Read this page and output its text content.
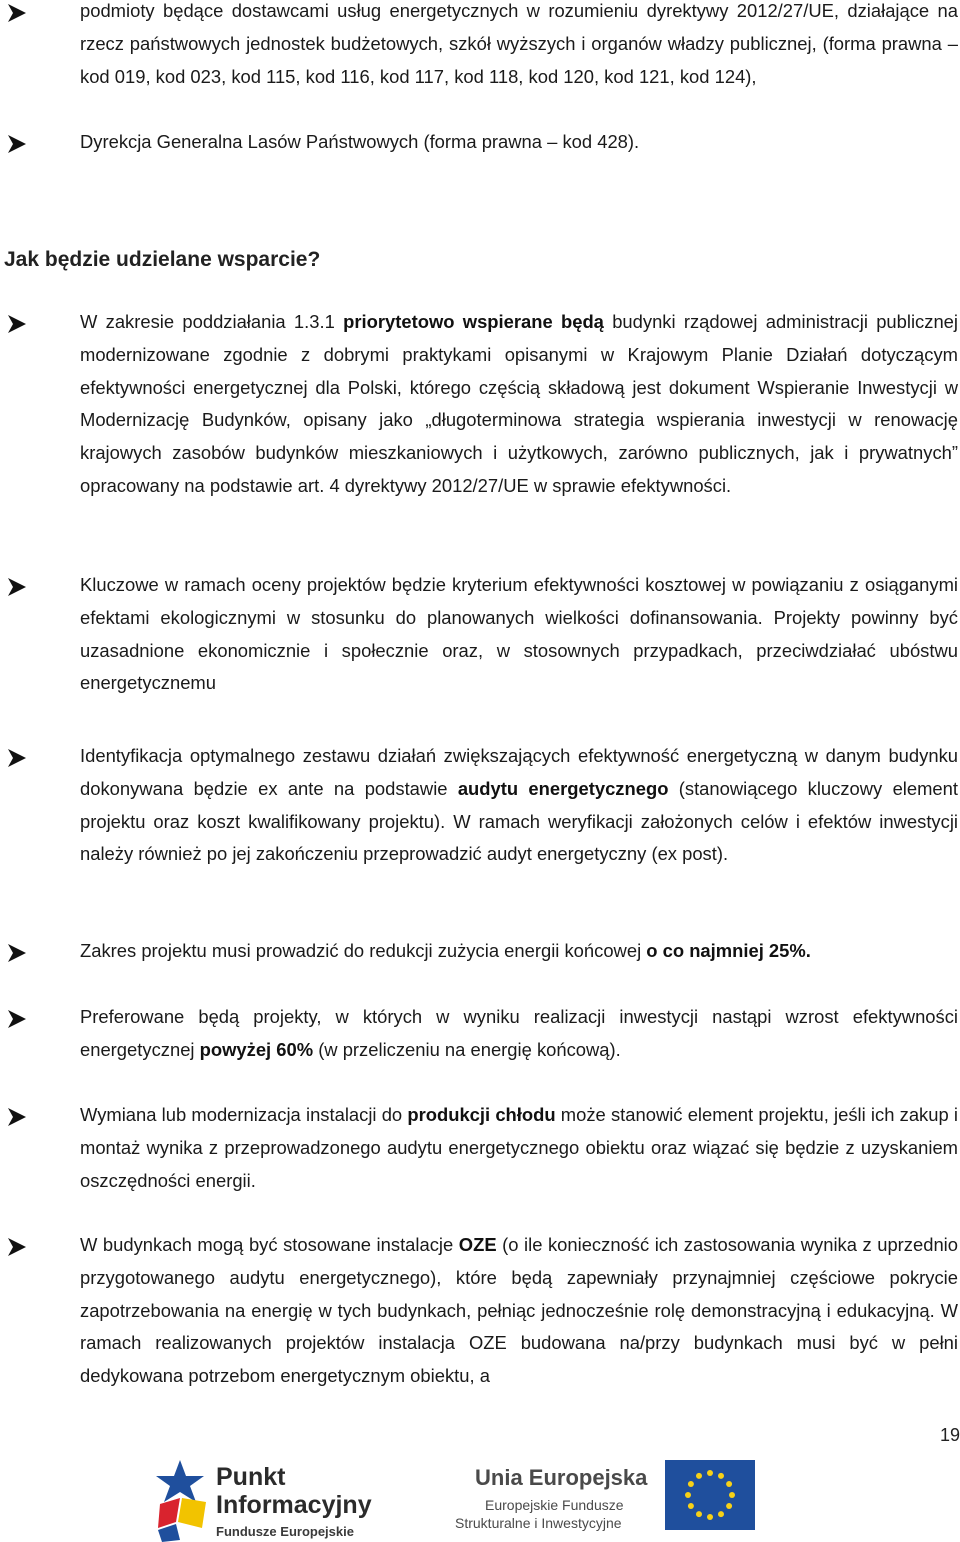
podmioty będące dostawcami usług energetycznych w rozumieniu dyrektywy 2012/27/UE, działające na rzecz państwowych jednostek budżetowych, szkół wyższych i organów władzy publicznej, (forma prawna – kod 019, kod 023, kod 115, kod 116, kod 117, kod 118, kod 120, kod 121, kod 124),
Dyrekcja Generalna Lasów Państwowych (forma prawna – kod 428).
Jak będzie udzielane wsparcie?
W zakresie poddziałania 1.3.1 priorytetowo wspierane będą budynki rządowej administracji publicznej modernizowane zgodnie z dobrymi praktykami opisanymi w Krajowym Planie Działań dotyczącym efektywności energetycznej dla Polski, którego częścią składową jest dokument Wspieranie Inwestycji w Modernizację Budynków, opisany jako „długoterminowa strategia wspierania inwestycji w renowację krajowych zasobów budynków mieszkaniowych i użytkowych, zarówno publicznych, jak i prywatnych” opracowany na podstawie art. 4 dyrektywy 2012/27/UE w sprawie efektywności.
Kluczowe w ramach oceny projektów będzie kryterium efektywności kosztowej w powiązaniu z osiąganymi efektami ekologicznymi w stosunku do planowanych wielkości dofinansowania. Projekty powinny być uzasadnione ekonomicznie i społecznie oraz, w stosownych przypadkach, przeciwdziałać ubóstwu energetycznemu
Identyfikacja optymalnego zestawu działań zwiększających efektywność energetyczną w danym budynku dokonywana będzie ex ante na podstawie audytu energetycznego (stanowiącego kluczowy element projektu oraz koszt kwalifikowany projektu). W ramach weryfikacji założonych celów i efektów inwestycji należy również po jej zakończeniu przeprowadzić audyt energetyczny (ex post).
Zakres projektu musi prowadzić do redukcji zużycia energii końcowej o co najmniej 25%.
Preferowane będą projekty, w których w wyniku realizacji inwestycji nastąpi wzrost efektywności energetycznej powyżej 60% (w przeliczeniu na energię końcową).
Wymiana lub modernizacja instalacji do produkcji chłodu może stanowić element projektu, jeśli ich zakup i montaż wynika z przeprowadzonego audytu energetycznego obiektu oraz wiązać się będzie z uzyskaniem oszczędności energii.
W budynkach mogą być stosowane instalacje OZE (o ile konieczność ich zastosowania wynika z uprzednio przygotowanego audytu energetycznego), które będą zapewniały przynajmniej częściowe pokrycie zapotrzebowania na energię w tych budynkach, pełniąc jednocześnie rolę demonstracyjną i edukacyjną. W ramach realizowanych projektów instalacja OZE budowana na/przy budynkach musi być w pełni dedykowana potrzebom energetycznym obiektu, a
19
Punkt
Informacyjny
Fundusze Europejskie
Unia Europejska
Europejskie Fundusze
Strukturalne i Inwestycyjne
